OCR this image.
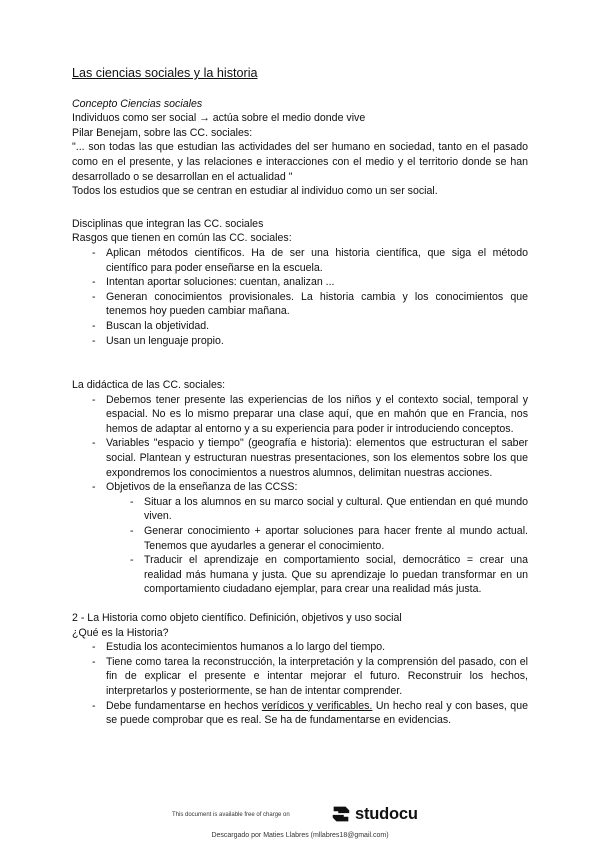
Las ciencias sociales y la historia

Concepto Ciencias sociales

Individuos como ser social → actúa sobre el medio donde vive

Pilar Benejam, sobre las CC. sociales:

"... son todas las que estudian las actividades del ser humano en sociedad, tanto en el pasado como en el presente, y las relaciones e interacciones con el medio y el territorio donde se han desarrollado o se desarrollan en el actualidad "

Todos los estudios que se centran en estudiar al individuo como un ser social.

Disciplinas que integran las CC. sociales

Rasgos que tienen en común las CC. sociales:

- Aplican métodos científicos. Ha de ser una historia científica, que siga el método científico para poder enseñarse en la escuela.
- Intentan aportar soluciones: cuentan, analizan ...
- Generan conocimientos provisionales. La historia cambia y los conocimientos que tenemos hoy pueden cambiar mañana.
- Buscan la objetividad.
- Usan un lenguaje propio.

La didáctica de las CC. sociales:

- Debemos tener presente las experiencias de los niños y el contexto social, temporal y espacial. No es lo mismo preparar una clase aquí, que en mahón que en Francia, nos hemos de adaptar al entorno y a su experiencia para poder ir introduciendo conceptos.
- Variables "espacio y tiempo" (geografía e historia): elementos que estructuran el saber social. Plantean y estructuran nuestras presentaciones, son los elementos sobre los que expondremos los conocimientos a nuestros alumnos, delimitan nuestras acciones.
- Objetivos de la enseñanza de las CCSS:
- Situar a los alumnos en su marco social y cultural. Que entiendan en qué mundo viven.
- Generar conocimiento + aportar soluciones para hacer frente al mundo actual. Tenemos que ayudarles a generar el conocimiento.
- Traducir el aprendizaje en comportamiento social, democrático = crear una realidad más humana y justa. Que su aprendizaje lo puedan transformar en un comportamiento ciudadano ejemplar, para crear una realidad más justa.

2 - La Historia como objeto científico. Definición, objetivos y uso social

¿Qué es la Historia?

- Estudia los acontecimientos humanos a lo largo del tiempo.
- Tiene como tarea la reconstrucción, la interpretación y la comprensión del pasado, con el fin de explicar el presente e intentar mejorar el futuro. Reconstruir los hechos, interpretarlos y posteriormente, se han de intentar comprender.
- Debe fundamentarse en hechos verídicos y verificables. Un hecho real y con bases, que se puede comprobar que es real. Se ha de fundamentarse en evidencias.
This document is available free of charge on	studocu
Descargado por Maties Llabres (mllabres18@gmail.com)
